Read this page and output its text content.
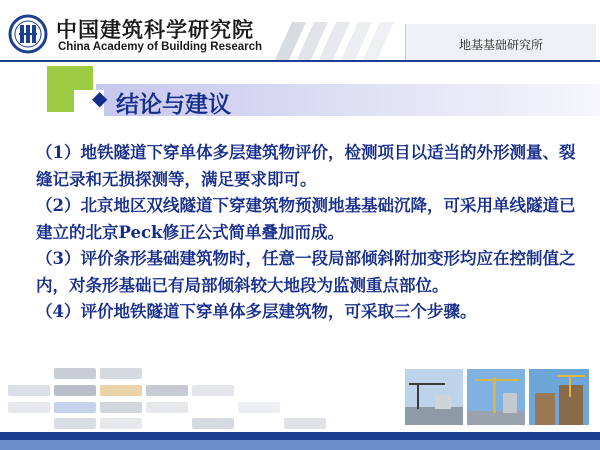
中国建筑科学研究院
China Academy of Building Research	地基基础研究所
◆ 结论与建议
（1）地铁隧道下穿单体多层建筑物评价，检测项目以适当的外形测量、裂缝记录和无损探测等，满足要求即可。
（2）北京地区双线隧道下穿建筑物预测地基基础沉降，可采用单线隧道已建立的北京Peck修正公式简单叠加而成。
（3）评价条形基础建筑物时，任意一段局部倾斜附加变形均应在控制值之内，对条形基础已有局部倾斜较大地段为监测重点部位。
（4）评价地铁隧道下穿单体多层建筑物，可采取三个步骤。
